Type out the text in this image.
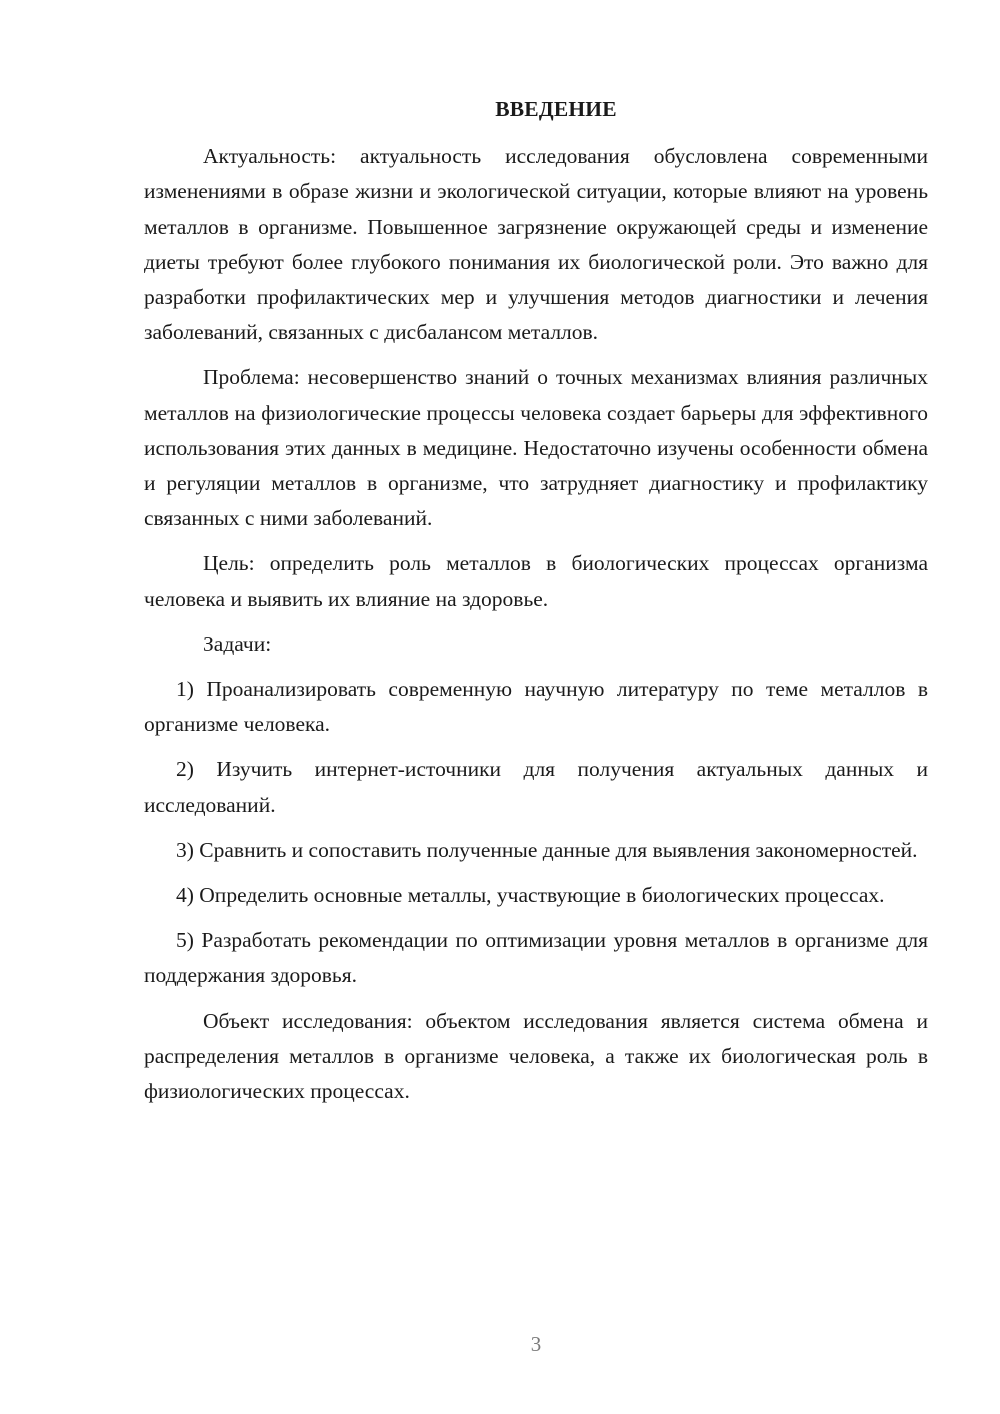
ВВЕДЕНИЕ

Актуальность: актуальность исследования обусловлена современными изменениями в образе жизни и экологической ситуации, которые влияют на уровень металлов в организме. Повышенное загрязнение окружающей среды и изменение диеты требуют более глубокого понимания их биологической роли. Это важно для разработки профилактических мер и улучшения методов диагностики и лечения заболеваний, связанных с дисбалансом металлов.

Проблема: несовершенство знаний о точных механизмах влияния различных металлов на физиологические процессы человека создает барьеры для эффективного использования этих данных в медицине. Недостаточно изучены особенности обмена и регуляции металлов в организме, что затрудняет диагностику и профилактику связанных с ними заболеваний.

Цель: определить роль металлов в биологических процессах организма человека и выявить их влияние на здоровье.

Задачи:

1) Проанализировать современную научную литературу по теме металлов в организме человека.

2) Изучить интернет-источники для получения актуальных данных и исследований.

3) Сравнить и сопоставить полученные данные для выявления закономерностей.

4) Определить основные металлы, участвующие в биологических процессах.

5) Разработать рекомендации по оптимизации уровня металлов в организме для поддержания здоровья.

Объект исследования: объектом исследования является система обмена и распределения металлов в организме человека, а также их биологическая роль в физиологических процессах.

3
